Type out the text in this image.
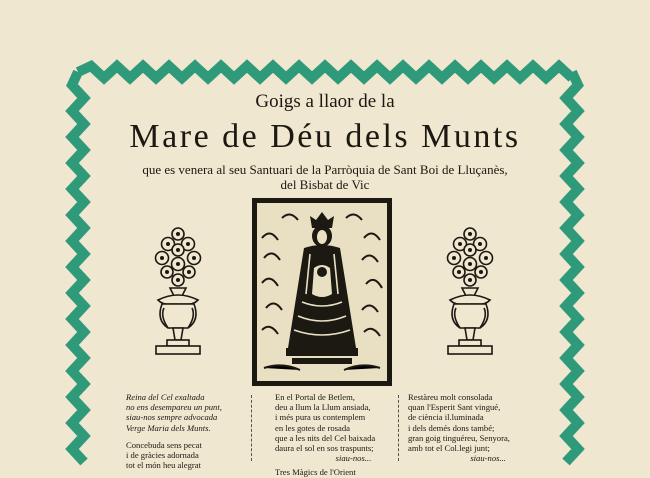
Goigs a llaor de la
Mare de Déu dels Munts
que es venera al seu Santuari de la Parròquia de Sant Boi de Lluçanès,
del Bisbat de Vic

Reina del Cel exaltada

no ens desempareu un punt,

siau-nos sempre advocada

Verge Maria dels Munts.

Concebuda sens pecat

i de gràcies adornada

tot el món heu alegrat

En el Portal de Betlem,

deu a llum la Llum ansiada,

i més pura us contemplem

en les gotes de rosada

que a les nits del Cel baixada

daura el sol en sos traspunts;

siau-nos...

Tres Màgics de l'Orient

Restàreu molt consolada

quan l'Esperit Sant vingué,

de ciència il.luminada

i dels demés dons també;

gran goig tinguéreu, Senyora,

amb tot el Col.legi junt;

siau-nos...
